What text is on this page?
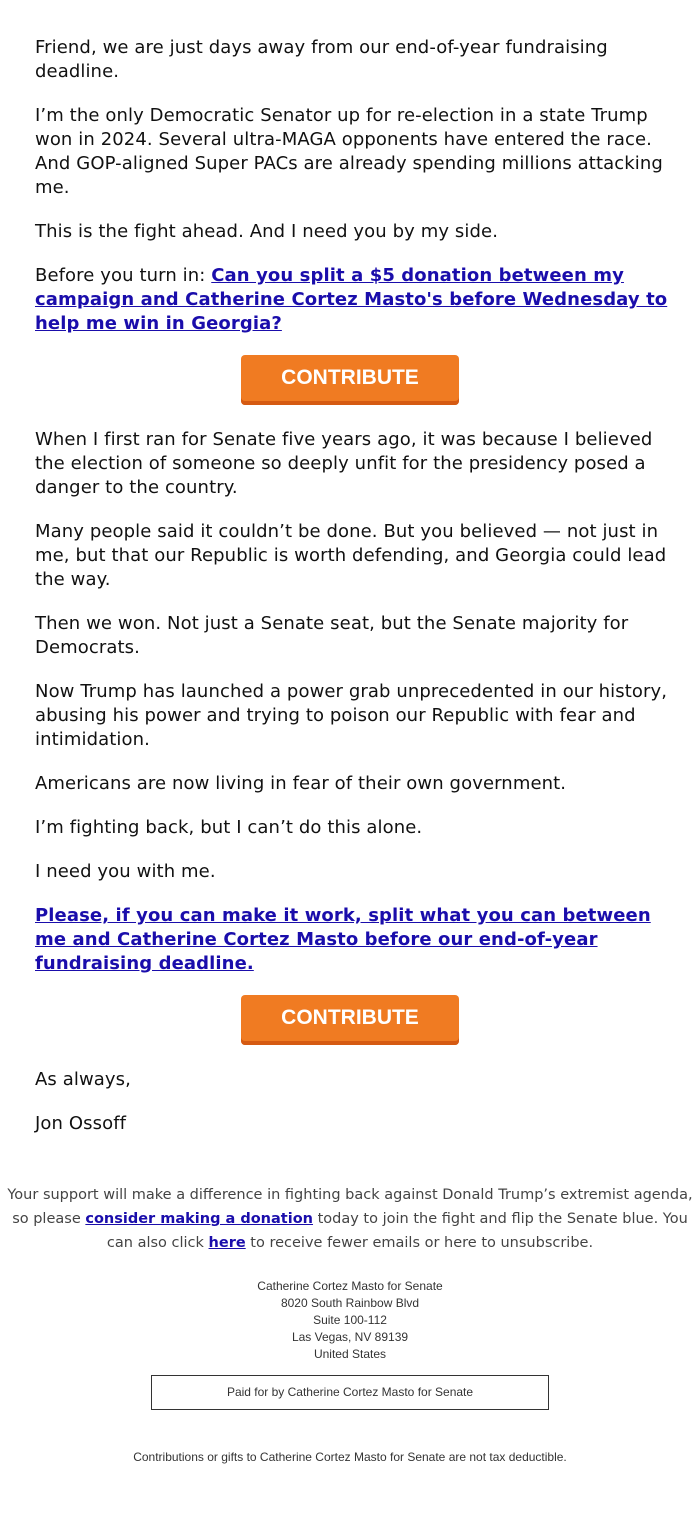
Friend, we are just days away from our end-of-year fundraising deadline.

I’m the only Democratic Senator up for re-election in a state Trump won in 2024. Several ultra-MAGA opponents have entered the race. And GOP-aligned Super PACs are already spending millions attacking me.

This is the fight ahead. And I need you by my side.

Before you turn in: Can you split a $5 donation between my campaign and Catherine Cortez Masto's before Wednesday to help me win in Georgia?

When I first ran for Senate five years ago, it was because I believed the election of someone so deeply unfit for the presidency posed a danger to the country.

Many people said it couldn’t be done. But you believed — not just in me, but that our Republic is worth defending, and Georgia could lead the way.

Then we won. Not just a Senate seat, but the Senate majority for Democrats.

Now Trump has launched a power grab unprecedented in our history, abusing his power and trying to poison our Republic with fear and intimidation.

Americans are now living in fear of their own government.

I’m fighting back, but I can’t do this alone.

I need you with me.

Please, if you can make it work, split what you can between me and Catherine Cortez Masto before our end-of-year fundraising deadline.

As always,

Jon Ossoff

CONTRIBUTE
CONTRIBUTE
Your support will make a difference in fighting back against Donald Trump’s extremist agenda, so please consider making a donation today to join the fight and flip the Senate blue. You can also click here to receive fewer emails or here to unsubscribe.
Catherine Cortez Masto for Senate
8020 South Rainbow Blvd
Suite 100-112
Las Vegas, NV 89139
United States
Paid for by Catherine Cortez Masto for Senate
Contributions or gifts to Catherine Cortez Masto for Senate are not tax deductible.
